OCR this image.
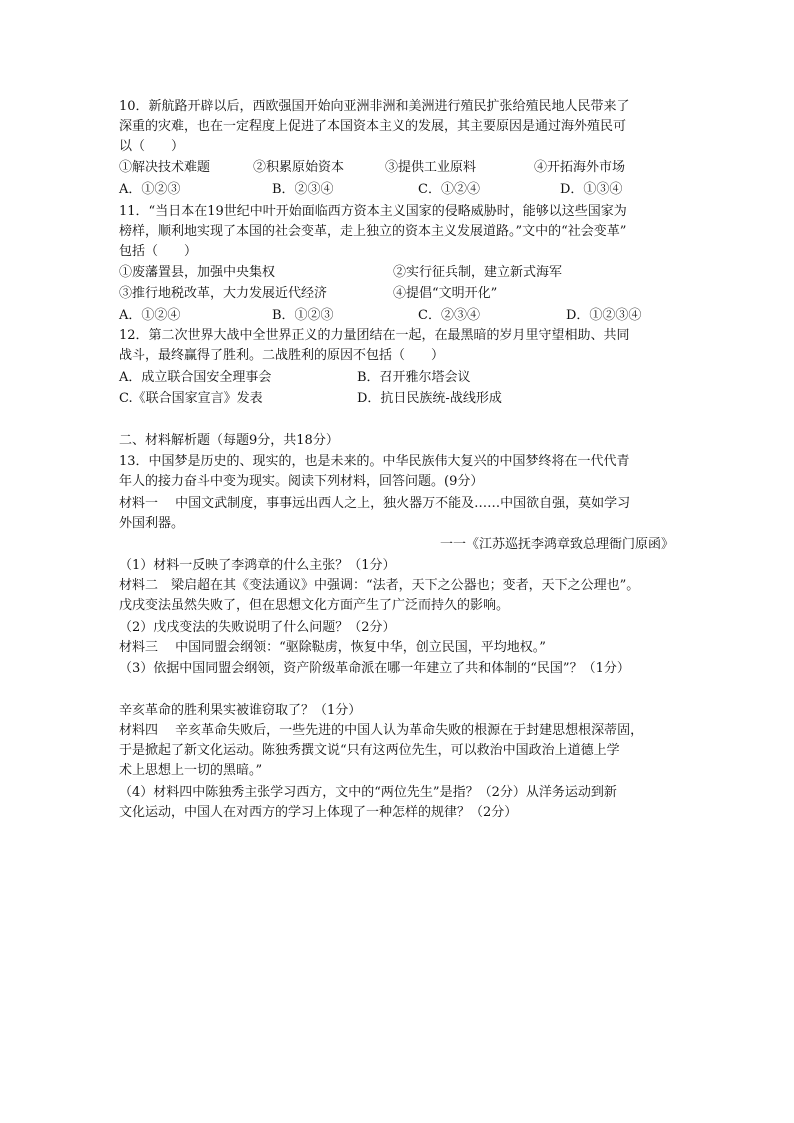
10．新航路开辟以后，西欧强国开始向亚洲非洲和美洲进行殖民扩张给殖民地人民带来了
深重的灾难，也在一定程度上促进了本国资本主义的发展，其主要原因是通过海外殖民可
以（　　）
①解决技术难题	②积累原始资本	③提供工业原料	④开拓海外市场
A．①②③	B．②③④	C．①②④	D．①③④
11．“当日本在19世纪中叶开始面临西方资本主义国家的侵略威胁时，能够以这些国家为
榜样，顺利地实现了本国的社会变革，走上独立的资本主义发展道路。”文中的“社会变革”
包括（　　）
①废藩置县，加强中央集权	②实行征兵制，建立新式海军
③推行地税改革，大力发展近代经济	④提倡“文明开化”
A．①②④	B．①②③	C．②③④	D．①②③④
12．第二次世界大战中全世界正义的力量团结在一起，在最黑暗的岁月里守望相助、共同
战斗，最终赢得了胜利。二战胜利的原因不包括（　　）
A．成立联合国安全理事会	B．召开雅尔塔会议
C.《联合国家宣言》发表	D．抗日民族统-战线形成
二、材料解析题（每题9分，共18分）
13．中国梦是历史的、现实的，也是未来的。中华民族伟大复兴的中国梦终将在一代代青
年人的接力奋斗中变为现实。阅读下列材料，回答问题。(9分）
材料一　 中国文武制度，事事远出西人之上，独火器万不能及……中国欲自强，莫如学习
外国利器。
一一《江苏巡抚李鸿章致总理衙门原函》
（1）材料一反映了李鸿章的什么主张？（1分）
材料二　梁启超在其《变法通议》中强调：“法者，天下之公器也；变者，天下之公理也”。
戊戌变法虽然失败了，但在思想文化方面产生了广泛而持久的影响。
（2）戊戌变法的失败说明了什么问题？（2分）
材料三　 中国同盟会纲领：“驱除鞑虏，恢复中华，创立民国，平均地权。”
（3）依据中国同盟会纲领，资产阶级革命派在哪一年建立了共和体制的“民国”？（1分）
辛亥革命的胜利果实被谁窃取了？（1分）
材料四　 辛亥革命失败后，一些先进的中国人认为革命失败的根源在于封建思想根深蒂固，
于是掀起了新文化运动。陈独秀撰文说“只有这两位先生，可以救治中国政治上道德上学
术上思想上一切的黑暗。”
（4）材料四中陈独秀主张学习西方，文中的“两位先生”是指？（2分）从洋务运动到新
文化运动，中国人在对西方的学习上体现了一种怎样的规律？（2分）
